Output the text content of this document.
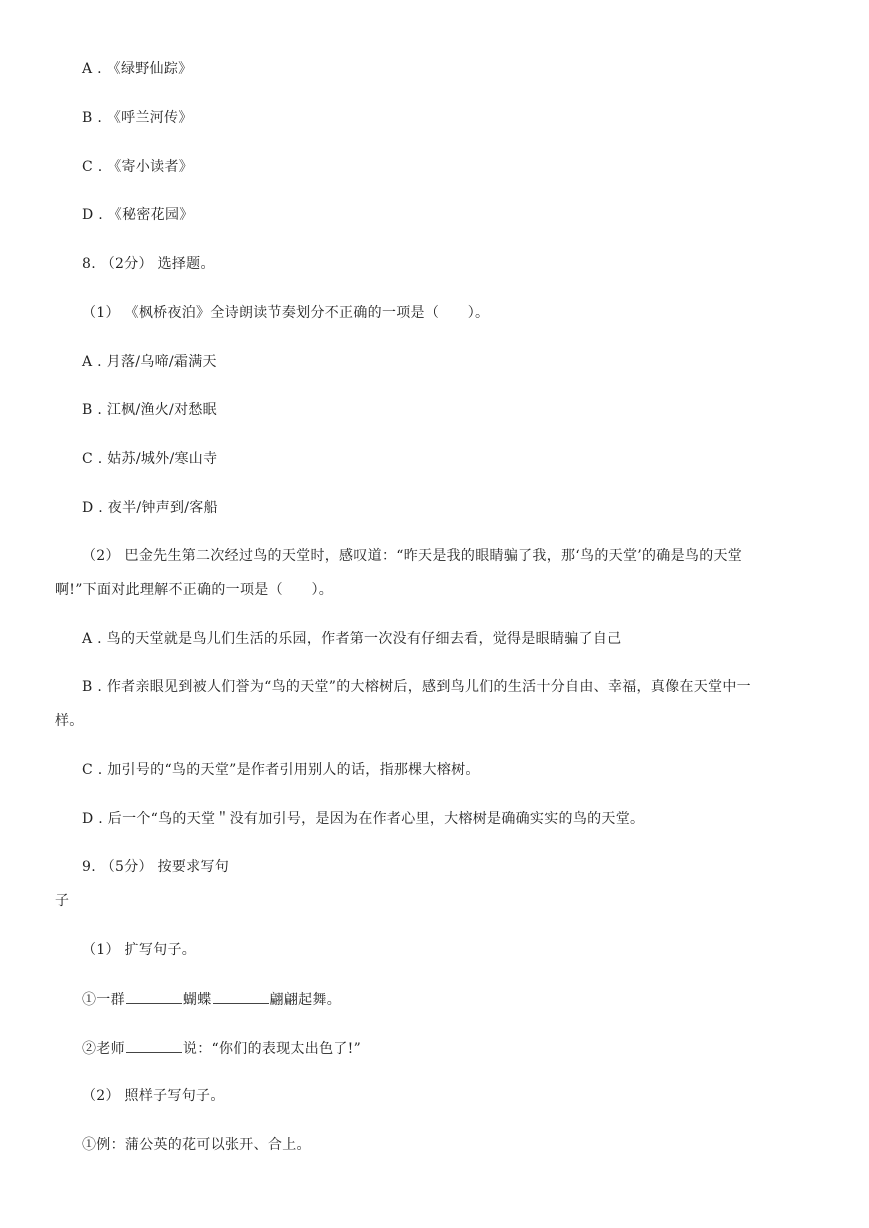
A . 《绿野仙踪》
B . 《呼兰河传》
C . 《寄小读者》
D . 《秘密花园》
8. （2分） 选择题。
（1） 《枫桥夜泊》全诗朗读节奏划分不正确的一项是（　　）。
A . 月落/乌啼/霜满天
B . 江枫/渔火/对愁眠
C . 姑苏/城外/寒山寺
D . 夜半/钟声到/客船
（2） 巴金先生第二次经过鸟的天堂时，感叹道：“昨天是我的眼睛骗了我，那‘鸟的天堂’的确是鸟的天堂
啊!”下面对此理解不正确的一项是（　　）。
A . 鸟的天堂就是鸟儿们生活的乐园，作者第一次没有仔细去看，觉得是眼睛骗了自己
B . 作者亲眼见到被人们誉为“鸟的天堂”的大榕树后，感到鸟儿们的生活十分自由、幸福，真像在天堂中一
样。
C . 加引号的“鸟的天堂”是作者引用别人的话，指那棵大榕树。
D . 后一个“鸟的天堂＂没有加引号，是因为在作者心里，大榕树是确确实实的鸟的天堂。
9. （5分） 按要求写句
子
（1） 扩写句子。
①一群	蝴蝶	翩翩起舞。
②老师	说：“你们的表现太出色了!”
（2） 照样子写句子。
①例：蒲公英的花可以张开、合上。
